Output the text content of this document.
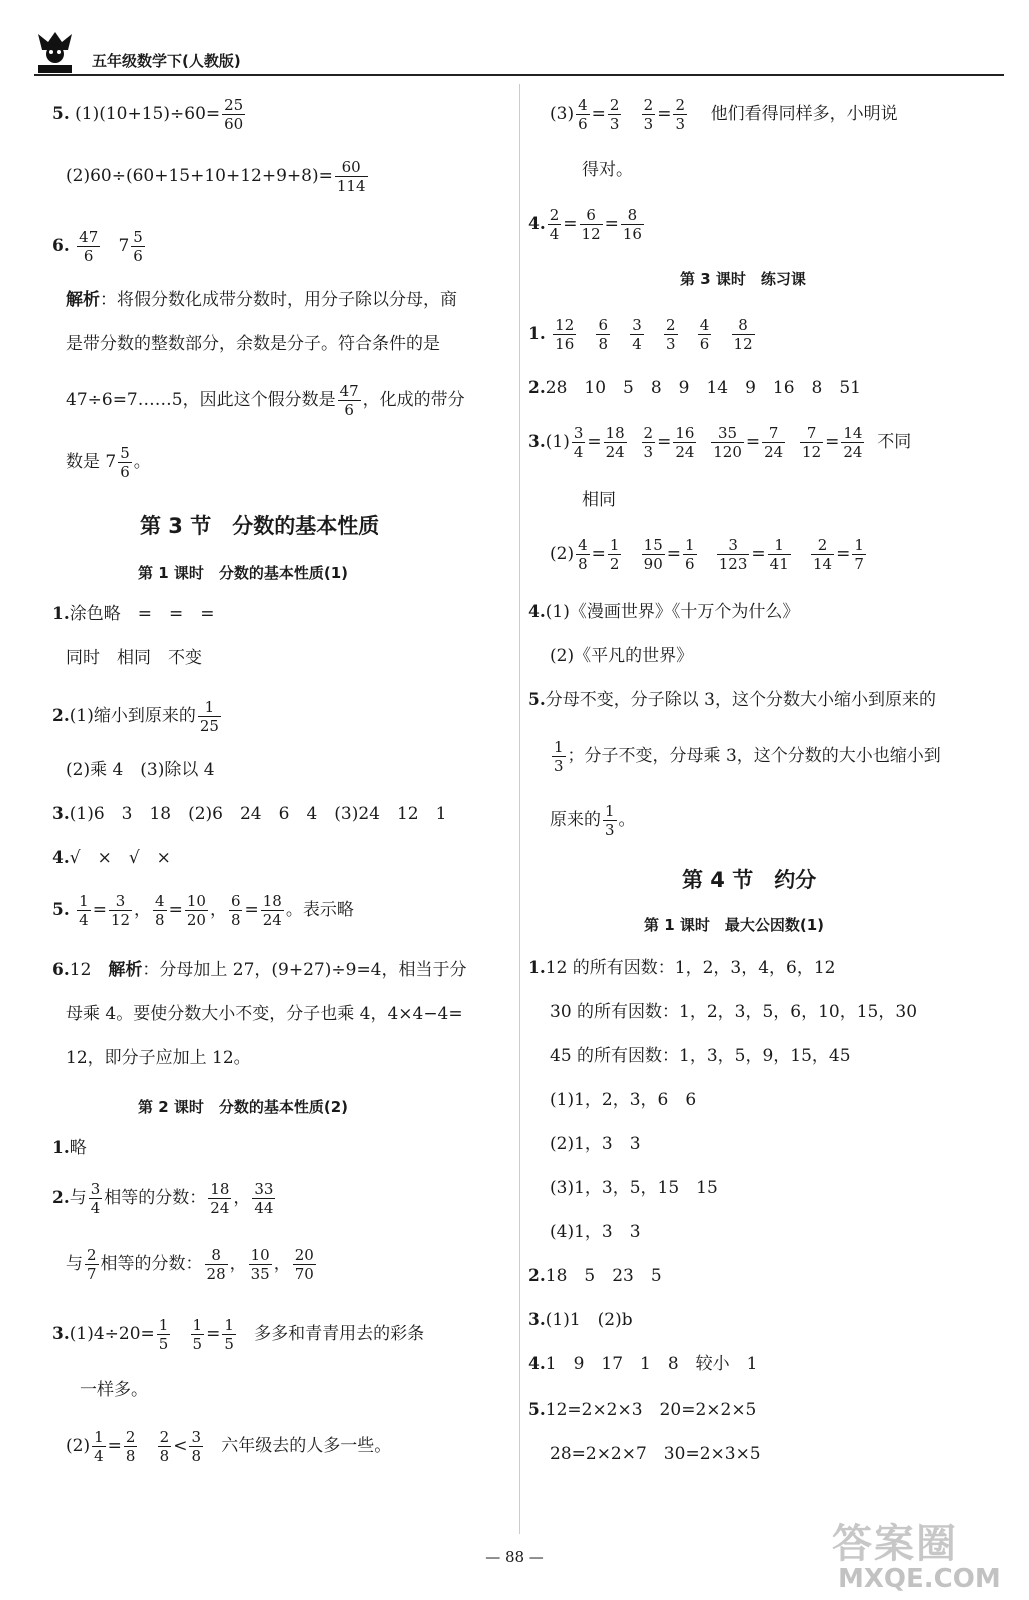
五年级数学下(人教版)
5. $(1)(10+15)\div 60= \frac{25}{60}$
$(2)60\div(60+15+10+12+9+8)= \frac{60}{114}$
6. $\frac{47}{6} 7 \frac{5}{6}$
解析：将假分数化成带分数时，用分子除以分母，商
是带分数的整数部分，余数是分子。符合条件的是
47÷6=7……5，因此这个假分数是 $\frac{47}{6}$ ，化成的带分
数是 $7 \frac{5}{6}$ 。
第 3 节　分数的基本性质
第 1 课时　分数的基本性质(1)
1.涂色略　=　=　=
同时　相同　不变
2.(1)缩小到原来的 $\frac{1}{25}$
(2)乘 4　(3)除以 4
3.(1)6　3　18　(2)6　24　6　4　(3)24　12　1
4.√　×　√　×
5. $\frac{1}{4} = \frac{3}{12}$ ， $\frac{4}{8} = \frac{10}{20}$ ， $\frac{6}{8} = \frac{18}{24}$ 。表示略
6.12　解析：分母加上 27，(9+27)÷9=4，相当于分
母乘 4。要使分数大小不变，分子也乘 4，4×4−4=
12，即分子应加上 12。
第 2 课时　分数的基本性质(2)
1.略
2.与 $\frac{3}{4}$ 相等的分数： $\frac{18}{24}$ ， $\frac{33}{44}$
与 $\frac{2}{7}$ 相等的分数： $\frac{8}{28}$ ， $\frac{10}{35}$ ， $\frac{20}{70}$
$3.(1)4\div 20= \frac{1}{5}$
$\frac{1}{5} = \frac{1}{5}$ 多多和青青用去的彩条
一样多。
$(2) \frac{1}{4} = \frac{2}{8}$
$\frac{2}{8} < \frac{3}{8}$ 六年级去的人多一些。
$(3) \frac{4}{6} = \frac{2}{3}$
$\frac{2}{3} = \frac{2}{3}$ 他们看得同样多，小明说
得对。
4. $\frac{2}{4} = \frac{6}{12} = \frac{8}{16}$
第 3 课时　练习课
1. $\frac{12}{16}$
$\frac{6}{8}$
$\frac{3}{4}$
$\frac{2}{3}$
$\frac{4}{6}$
$\frac{8}{12}$
2.28　10　5　8　9　14　9　16　8　51
$3.(1) \frac{3}{4} = \frac{18}{24}$
$\frac{2}{3} = \frac{16}{24}$
$\frac{35}{120} = \frac{7}{24}$
$\frac{7}{12} = \frac{14}{24}$ 不同
相同
$(2) \frac{4}{8} = \frac{1}{2}$
$\frac{15}{90} = \frac{1}{6}$
$\frac{3}{123} = \frac{1}{41}$
$\frac{2}{14} = \frac{1}{7}$
4.(1)《漫画世界》《十万个为什么》
(2)《平凡的世界》
5.分母不变，分子除以 3，这个分数大小缩小到原来的
$\frac{1}{3}$ ；分子不变，分母乘 3，这个分数的大小也缩小到
原来的 $\frac{1}{3}$ 。
第 4 节　约分
第 1 课时　最大公因数(1)
1.12 的所有因数：1，2，3，4，6，12
30 的所有因数：1，2，3，5，6，10，15，30
45 的所有因数：1，3，5，9，15，45
(1)1，2，3，6　6
(2)1，3　3
(3)1，3，5，15　15
(4)1，3　3
2.18　5　23　5
3.(1)1　(2)b
4.1　9　17　1　8　较小　1
5.12=2×2×3　20=2×2×5
28=2×2×7　30=2×3×5
— 88 —	答案圈
MXQE.COM
